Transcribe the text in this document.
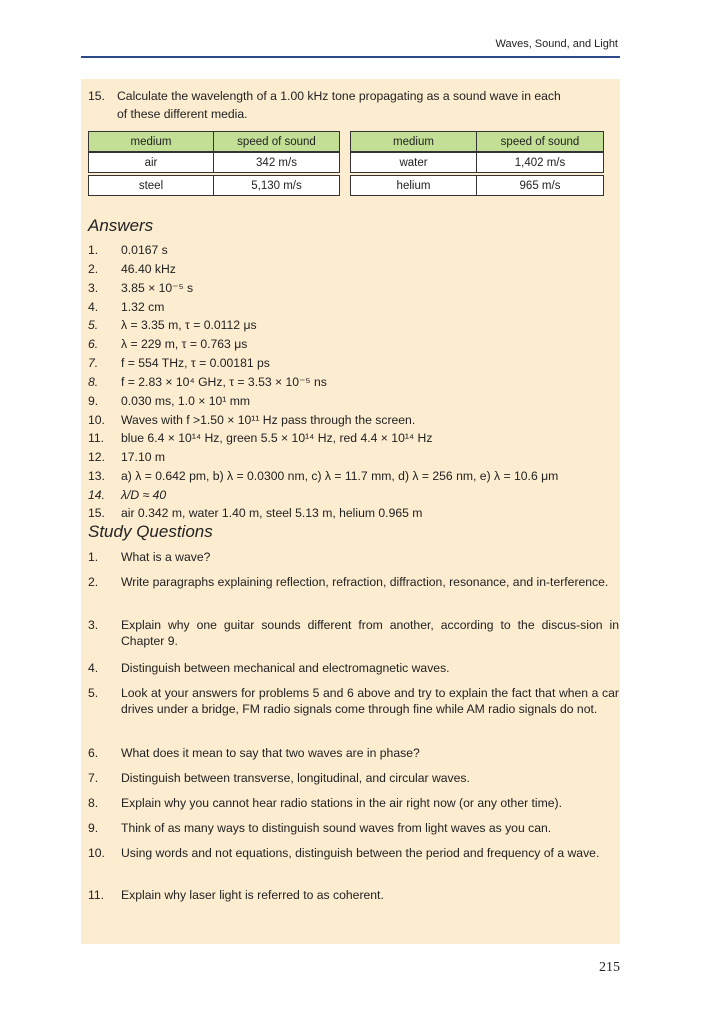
Waves, Sound, and Light
15. Calculate the wavelength of a 1.00 kHz tone propagating as a sound wave in each
of these different media.
medium	speed of sound	medium	speed of sound
air	342 m/s	water	1,402 m/s
steel	5,130 m/s	helium	965 m/s
Answers
1.	0.0167 s
2.	46.40 kHz
3.	3.85 × 10⁻⁵ s
4.	1.32 cm
5.	λ = 3.35 m, τ = 0.0112 μs
6.	λ = 229 m, τ = 0.763 μs
7.	f = 554 THz, τ = 0.00181 ps
8.	f = 2.83 × 10⁴ GHz, τ = 3.53 × 10⁻⁵ ns
9.	0.030 ms, 1.0 × 10¹ mm
10.	Waves with f >1.50 × 10¹¹ Hz pass through the screen.
11.	blue 6.4 × 10¹⁴ Hz, green 5.5 × 10¹⁴ Hz, red 4.4 × 10¹⁴ Hz
12.	17.10 m
13.	a) λ = 0.642 pm, b) λ = 0.0300 nm, c) λ = 11.7 mm, d) λ = 256 nm, e) λ = 10.6 μm
14.	λ/D ≈ 40
15.	air 0.342 m, water 1.40 m, steel 5.13 m, helium 0.965 m
Study Questions
1.	What is a wave?
2.	Write paragraphs explaining reflection, refraction, diffraction, resonance, and in-terference.
3.	Explain why one guitar sounds different from another, according to the discus-sion in Chapter 9.
4.	Distinguish between mechanical and electromagnetic waves.
5.	Look at your answers for problems 5 and 6 above and try to explain the fact that when a car drives under a bridge, FM radio signals come through fine while AM radio signals do not.
6.	What does it mean to say that two waves are in phase?
7.	Distinguish between transverse, longitudinal, and circular waves.
8.	Explain why you cannot hear radio stations in the air right now (or any other time).
9.	Think of as many ways to distinguish sound waves from light waves as you can.
10.	Using words and not equations, distinguish between the period and frequency of a wave.
11.	Explain why laser light is referred to as coherent.
215
